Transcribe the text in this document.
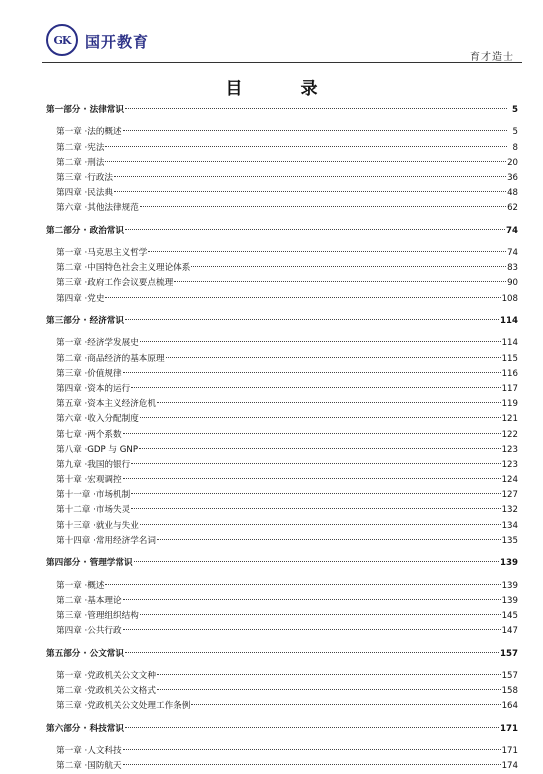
GK 国开教育
育才造士
目 录
第一部分 · 法律常识	5
第一章 ·法的概述	5
第二章 ·宪法	8
第二章 ·刑法	20
第三章 ·行政法	36
第四章 ·民法典	48
第六章 ·其他法律规范	62
第二部分 · 政治常识	74
第一章 ·马克思主义哲学	74
第二章 ·中国特色社会主义理论体系	83
第三章 ·政府工作会议要点梳理	90
第四章 ·党史	108
第三部分 · 经济常识	114
第一章 ·经济学发展史	114
第二章 ·商品经济的基本原理	115
第三章 ·价值规律	116
第四章 ·资本的运行	117
第五章 ·资本主义经济危机	119
第六章 ·收入分配制度	121
第七章 ·两个系数	122
第八章 ·GDP 与 GNP	123
第九章 ·我国的银行	123
第十章 ·宏观调控	124
第十一章 ·市场机制	127
第十二章 ·市场失灵	132
第十三章 ·就业与失业	134
第十四章 ·常用经济学名词	135
第四部分 · 管理学常识	139
第一章 ·概述	139
第二章 ·基本理论	139
第三章 ·管理组织结构	145
第四章 ·公共行政	147
第五部分 · 公文常识	157
第一章 ·党政机关公文文种	157
第二章 ·党政机关公文格式	158
第三章 ·党政机关公文处理工作条例	164
第六部分 · 科技常识	171
第一章 ·人文科技	171
第二章 ·国防航天	174
